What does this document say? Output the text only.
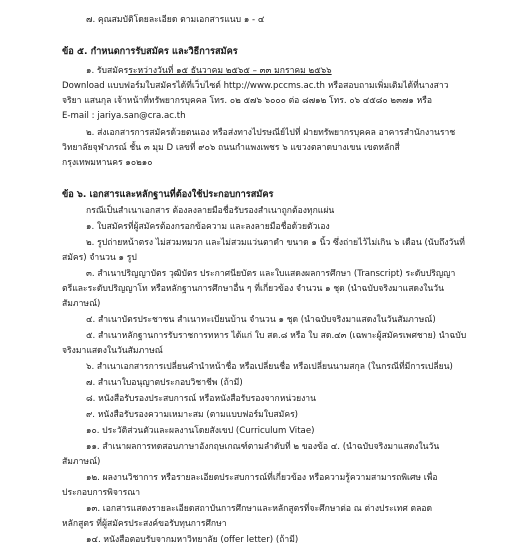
๗. คุณสมบัติโดยละเอียด ตามเอกสารแนบ ๑ - ๔
ข้อ ๕. กำหนดการรับสมัคร และวิธีการสมัคร
๑. รับสมัครระหว่างวันที่ ๑๕ ธันวาคม ๒๕๖๕ – ๓๓ มกราคม ๒๕๖๖
Download แบบฟอร์มใบสมัครได้ที่เว็บไซต์ http://www.pccms.ac.th หรือสอบถามเพิ่มเติมได้ที่นางสาว
จริยา แสนกุล เจ้าหน้าที่ทรัพยากรบุคคล โทร. ๐๒ ๕๗๖ ๖๐๐๐ ต่อ ๘๗๑๒ โทร. ๐๖ ๔๕๘๐ ๒๓๗๑ หรือ
E-mail : jariya.san@cra.ac.th
๒. ส่งเอกสารการสมัครด้วยตนเอง หรือส่งทางไปรษณีย์ไปที่ ฝ่ายทรัพยากรบุคคล อาคารสำนักงานราช
วิทยาลัยจุฬาภรณ์ ชั้น ๓ มุม D เลขที่ ๙๐๖ ถนนกำแพงเพชร ๖ แขวงตลาดบางเขน เขตหลักสี่
กรุงเทพมหานคร ๑๐๒๑๐
ข้อ ๖. เอกสารและหลักฐานที่ต้องใช้ประกอบการสมัคร
กรณีเป็นสำเนาเอกสาร ต้องลงลายมือชื่อรับรองสำเนาถูกต้องทุกแผ่น
๑. ใบสมัครที่ผู้สมัครต้องกรอกข้อความ และลงลายมือชื่อด้วยตัวเอง
๒. รูปถ่ายหน้าตรง ไม่สวมหมวก และไม่สวมแว่นตาดำ ขนาด ๑ นิ้ว ซึ่งถ่ายไว้ไม่เกิน ๖ เดือน (นับถึงวันที่
สมัคร) จำนวน ๑ รูป
๓. สำเนาปริญญาบัตร วุฒิบัตร ประกาศนียบัตร และใบแสดงผลการศึกษา (Transcript) ระดับปริญญา
ตรีและระดับปริญญาโท หรือหลักฐานการศึกษาอื่น ๆ ที่เกี่ยวข้อง จำนวน ๑ ชุด (นำฉบับจริงมาแสดงในวัน
สัมภาษณ์)
๔. สำเนาบัตรประชาชน สำเนาทะเบียนบ้าน จำนวน ๑ ชุด (นำฉบับจริงมาแสดงในวันสัมภาษณ์)
๕. สำเนาหลักฐานการรับราชการทหาร ได้แก่ ใบ สด.๘ หรือ ใบ สด.๔๓ (เฉพาะผู้สมัครเพศชาย) นำฉบับ
จริงมาแสดงในวันสัมภาษณ์
๖. สำเนาเอกสารการเปลี่ยนคำนำหน้าชื่อ หรือเปลี่ยนชื่อ หรือเปลี่ยนนามสกุล (ในกรณีที่มีการเปลี่ยน)
๗. สำเนาใบอนุญาตประกอบวิชาชีพ (ถ้ามี)
๘. หนังสือรับรองประสบการณ์ หรือหนังสือรับรองจากหน่วยงาน
๙. หนังสือรับรองความเหมาะสม (ตามแบบฟอร์มใบสมัคร)
๑๐. ประวัติส่วนตัวและผลงานโดยสังเขป (Curriculum Vitae)
๑๑. สำเนาผลการทดสอบภาษาอังกฤษเกณฑ์ตามลำดับที่ ๒ ของข้อ ๔. (นำฉบับจริงมาแสดงในวัน
สัมภาษณ์)
๑๒. ผลงานวิชาการ หรือรายละเอียดประสบการณ์ที่เกี่ยวข้อง หรือความรู้ความสามารถพิเศษ เพื่อ
ประกอบการพิจารณา
๑๓. เอกสารแสดงรายละเอียดสถาบันการศึกษาและหลักสูตรที่จะศึกษาต่อ ณ ต่างประเทศ ตลอด
หลักสูตร ที่ผู้สมัครประสงค์ขอรับทุนการศึกษา
๑๔. หนังสือตอบรับจากมหาวิทยาลัย (offer letter) (ถ้ามี)
